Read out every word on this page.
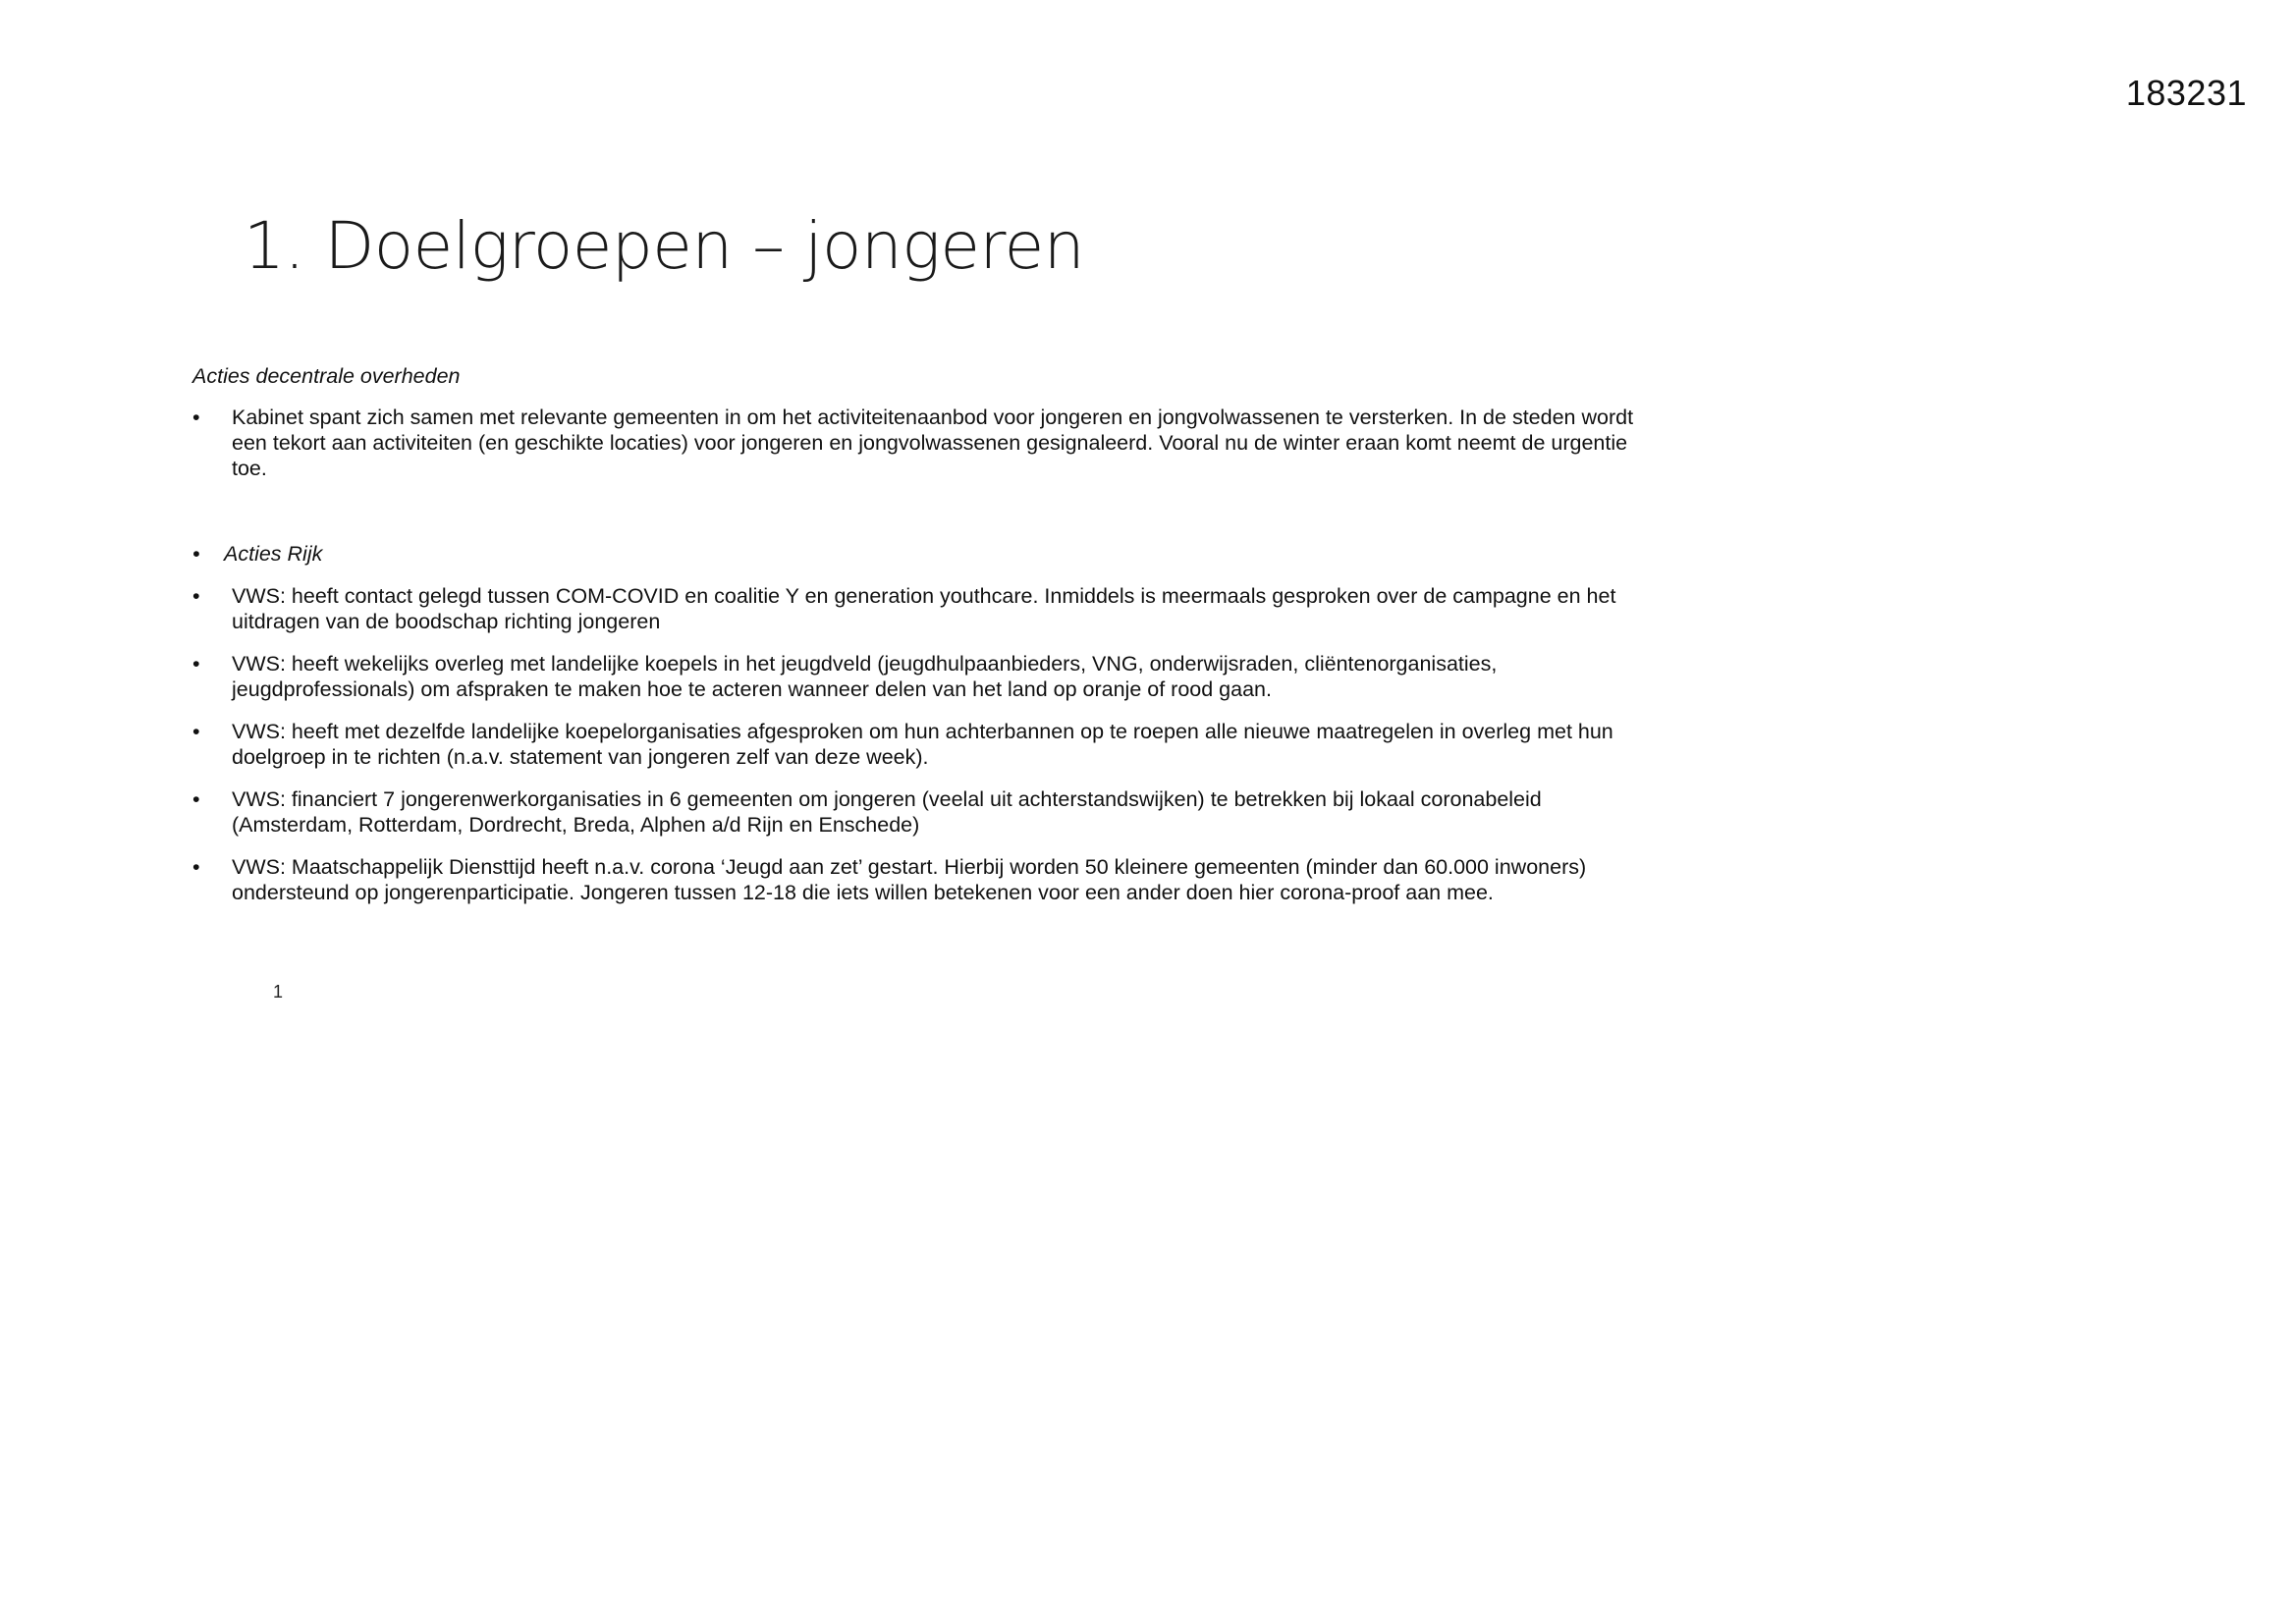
183231
1. Doelgroepen – jongeren

Acties decentrale overheden

•	Kabinet spant zich samen met relevante gemeenten in om het activiteitenaanbod voor jongeren en jongvolwassenen te versterken. In de steden wordt een tekort aan activiteiten (en geschikte locaties) voor jongeren en jongvolwassenen gesignaleerd. Vooral nu de winter eraan komt neemt de urgentie toe.
•	Acties Rijk
•	VWS: heeft contact gelegd tussen COM-COVID en coalitie Y en generation youthcare. Inmiddels is meermaals gesproken over de campagne en het uitdragen van de boodschap richting jongeren
•	VWS: heeft wekelijks overleg met landelijke koepels in het jeugdveld (jeugdhulpaanbieders, VNG, onderwijsraden, cliëntenorganisaties, jeugdprofessionals) om afspraken te maken hoe te acteren wanneer delen van het land op oranje of rood gaan.
•	VWS: heeft met dezelfde landelijke koepelorganisaties afgesproken om hun achterbannen op te roepen alle nieuwe maatregelen in overleg met hun doelgroep in te richten (n.a.v. statement van jongeren zelf van deze week).
•	VWS: financiert 7 jongerenwerkorganisaties in 6 gemeenten om jongeren (veelal uit achterstandswijken) te betrekken bij lokaal coronabeleid (Amsterdam, Rotterdam, Dordrecht, Breda, Alphen a/d Rijn en Enschede)
•	VWS: Maatschappelijk Diensttijd heeft n.a.v. corona ‘Jeugd aan zet’ gestart. Hierbij worden 50 kleinere gemeenten (minder dan 60.000 inwoners) ondersteund op jongerenparticipatie. Jongeren tussen 12-18 die iets willen betekenen voor een ander doen hier corona-proof aan mee.
1
